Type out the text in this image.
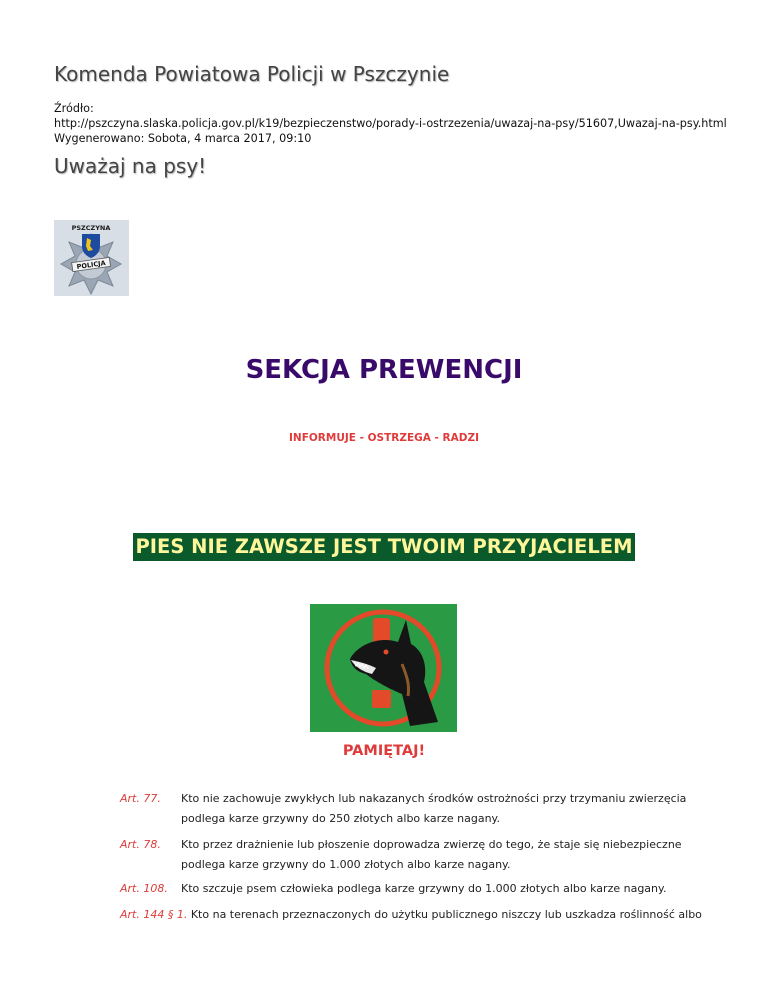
Komenda Powiatowa Policji w Pszczynie
Źródło:
http://pszczyna.slaska.policja.gov.pl/k19/bezpieczenstwo/porady-i-ostrzezenia/uwazaj-na-psy/51607,Uwazaj-na-psy.html
Wygenerowano: Sobota, 4 marca 2017, 09:10
Uważaj na psy!
PSZCZYNA
POLICJA
SEKCJA PREWENCJI
INFORMUJE - OSTRZEGA - RADZI
PIES NIE ZAWSZE JEST TWOIM PRZYJACIELEM
PAMIĘTAJ!
Art. 77. Kto nie zachowuje zwykłych lub nakazanych środków ostrożności przy trzymaniu zwierzęcia podlega karze grzywny do 250 złotych albo karze nagany.
Art. 78. Kto przez drażnienie lub płoszenie doprowadza zwierzę do tego, że staje się niebezpieczne podlega karze grzywny do 1.000 złotych albo karze nagany.
Art. 108. Kto szczuje psem człowieka podlega karze grzywny do 1.000 złotych albo karze nagany.
Art. 144 § 1. Kto na terenach przeznaczonych do użytku publicznego niszczy lub uszkadza roślinność albo
